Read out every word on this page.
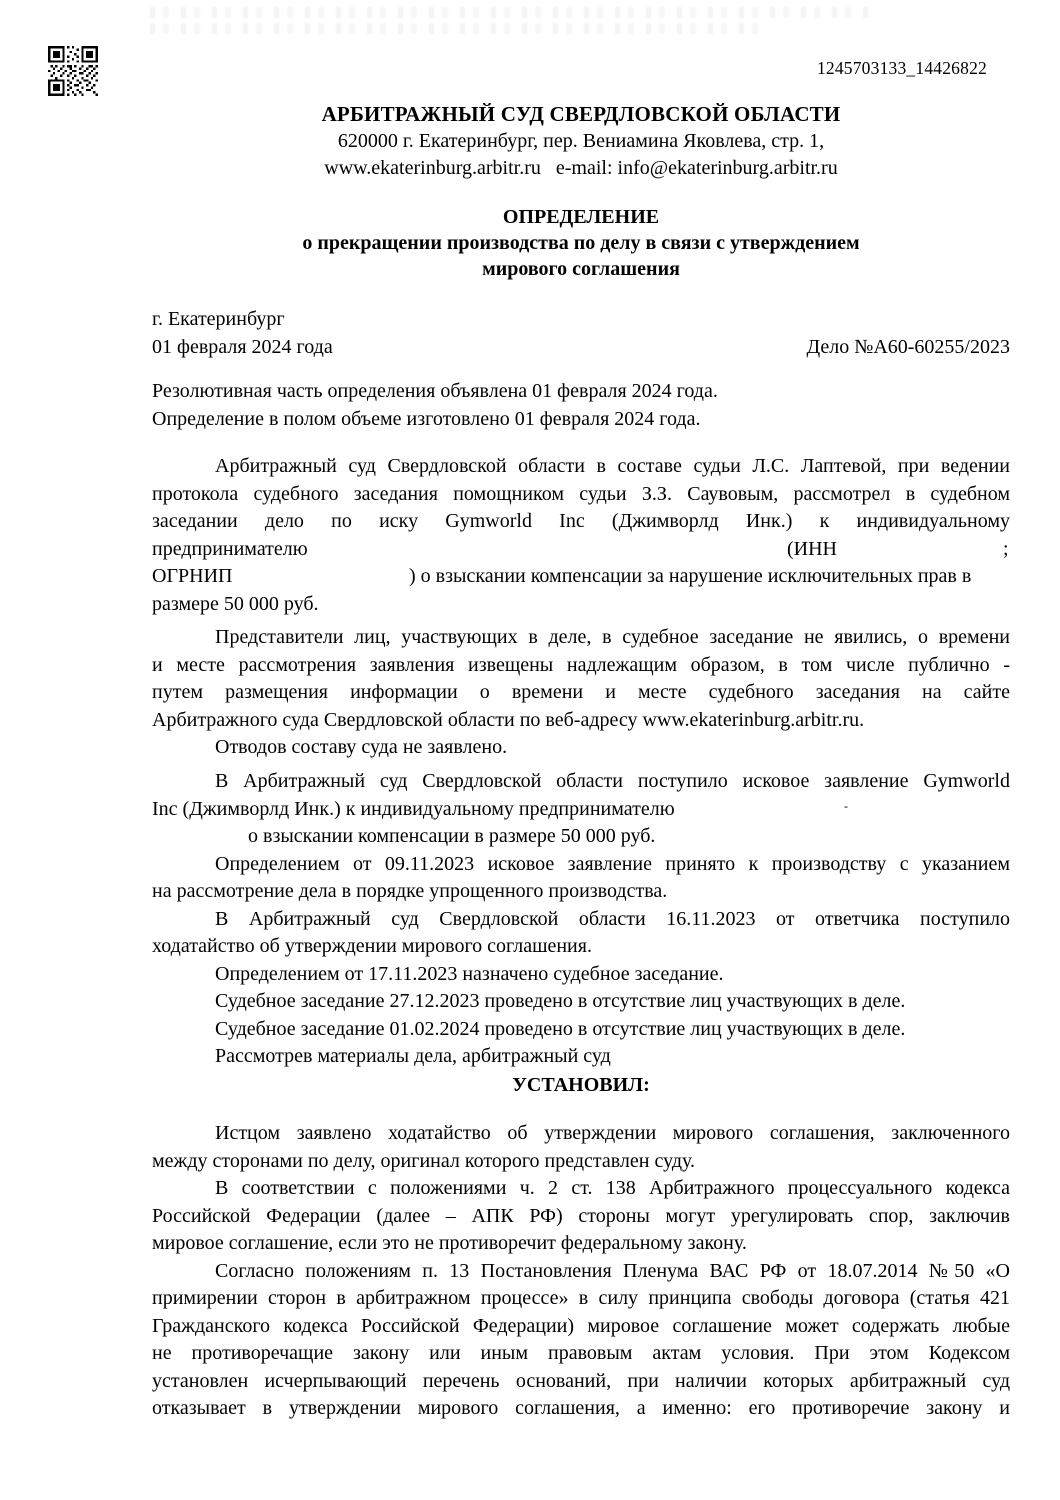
1245703133_14426822
АРБИТРАЖНЫЙ СУД СВЕРДЛОВСКОЙ ОБЛАСТИ
620000 г. Екатеринбург, пер. Вениамина Яковлева, стр. 1,
www.ekaterinburg.arbitr.ru   e-mail: info@ekaterinburg.arbitr.ru
ОПРЕДЕЛЕНИЕ
о прекращении производства по делу в связи с утверждением
мирового соглашения
г. Екатеринбург
01 февраля 2024 года	Дело №А60-60255/2023
Резолютивная часть определения объявлена 01 февраля 2024 года.
Определение в полом объеме изготовлено 01 февраля 2024 года.
Арбитражный суд Свердловской области в составе судьи Л.С. Лаптевой, при ведении
протокола судебного заседания помощником судьи З.З. Саувовым, рассмотрел в судебном
заседании дело по иску Gymworld Inc (Джимворлд Инк.) к индивидуальному
предпринимателю	(ИНН	;
ОГРНИП	) о взыскании компенсации за нарушение исключительных прав в
размере 50 000 руб.
Представители лиц, участвующих в деле, в судебное заседание не явились, о времени
и месте рассмотрения заявления извещены надлежащим образом, в том числе публично -
путем размещения информации о времени и месте судебного заседания на сайте
Арбитражного суда Свердловской области по веб-адресу www.ekaterinburg.arbitr.ru.
Отводов составу суда не заявлено.
В Арбитражный суд Свердловской области поступило исковое заявление Gymworld
Inc (Джимворлд Инк.) к индивидуальному предпринимателю	-
о взыскании компенсации в размере 50 000 руб.
Определением от 09.11.2023 исковое заявление принято к производству с указанием
на рассмотрение дела в порядке упрощенного производства.
В Арбитражный суд Свердловской области 16.11.2023 от ответчика поступило
ходатайство об утверждении мирового соглашения.
Определением от 17.11.2023 назначено судебное заседание.
Судебное заседание 27.12.2023 проведено в отсутствие лиц участвующих в деле.
Судебное заседание 01.02.2024 проведено в отсутствие лиц участвующих в деле.
Рассмотрев материалы дела, арбитражный суд
УСТАНОВИЛ:
Истцом заявлено ходатайство об утверждении мирового соглашения, заключенного
между сторонами по делу, оригинал которого представлен суду.
В соответствии с положениями ч. 2 ст. 138 Арбитражного процессуального кодекса
Российской Федерации (далее – АПК РФ) стороны могут урегулировать спор, заключив
мировое соглашение, если это не противоречит федеральному закону.
Согласно положениям п. 13 Постановления Пленума ВАС РФ от 18.07.2014 №50 «О
примирении сторон в арбитражном процессе» в силу принципа свободы договора (статья 421
Гражданского кодекса Российской Федерации) мировое соглашение может содержать любые
не противоречащие закону или иным правовым актам условия. При этом Кодексом
установлен исчерпывающий перечень оснований, при наличии которых арбитражный суд
отказывает в утверждении мирового соглашения, а именно: его противоречие закону и
